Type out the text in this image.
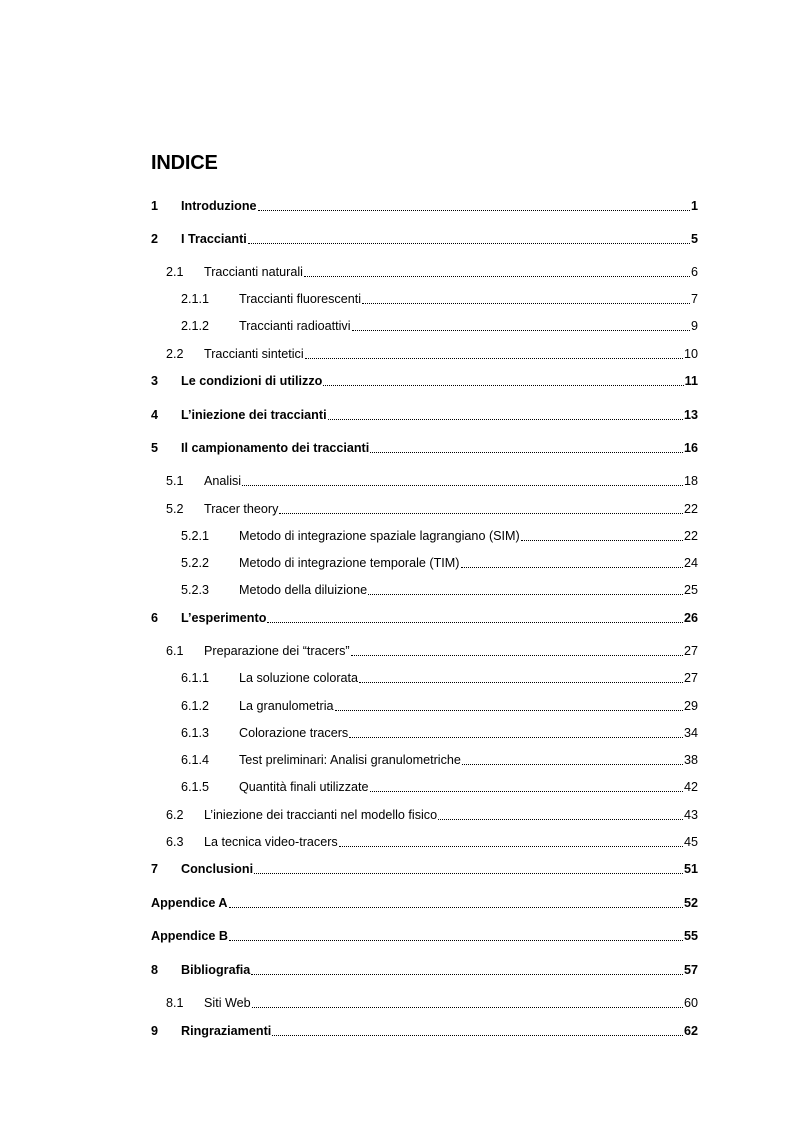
INDICE
1	Introduzione	1
2	I Traccianti	5
2.1	Traccianti naturali	6
2.1.1	Traccianti fluorescenti	7
2.1.2	Traccianti radioattivi	9
2.2	Traccianti sintetici	10
3	Le condizioni di utilizzo	11
4	L’iniezione dei traccianti	13
5	Il campionamento dei traccianti	16
5.1	Analisi	18
5.2	Tracer theory	22
5.2.1	Metodo di integrazione spaziale lagrangiano (SIM)	22
5.2.2	Metodo di integrazione temporale (TIM)	24
5.2.3	Metodo della diluizione	25
6	L’esperimento	26
6.1	Preparazione dei “tracers”	27
6.1.1	La soluzione colorata	27
6.1.2	La granulometria	29
6.1.3	Colorazione tracers	34
6.1.4	Test preliminari: Analisi granulometriche	38
6.1.5	Quantità finali utilizzate	42
6.2	L’iniezione dei traccianti nel modello fisico	43
6.3	La tecnica video-tracers	45
7	Conclusioni	51
Appendice A	52
Appendice B	55
8	Bibliografia	57
8.1	Siti Web	60
9	Ringraziamenti	62
